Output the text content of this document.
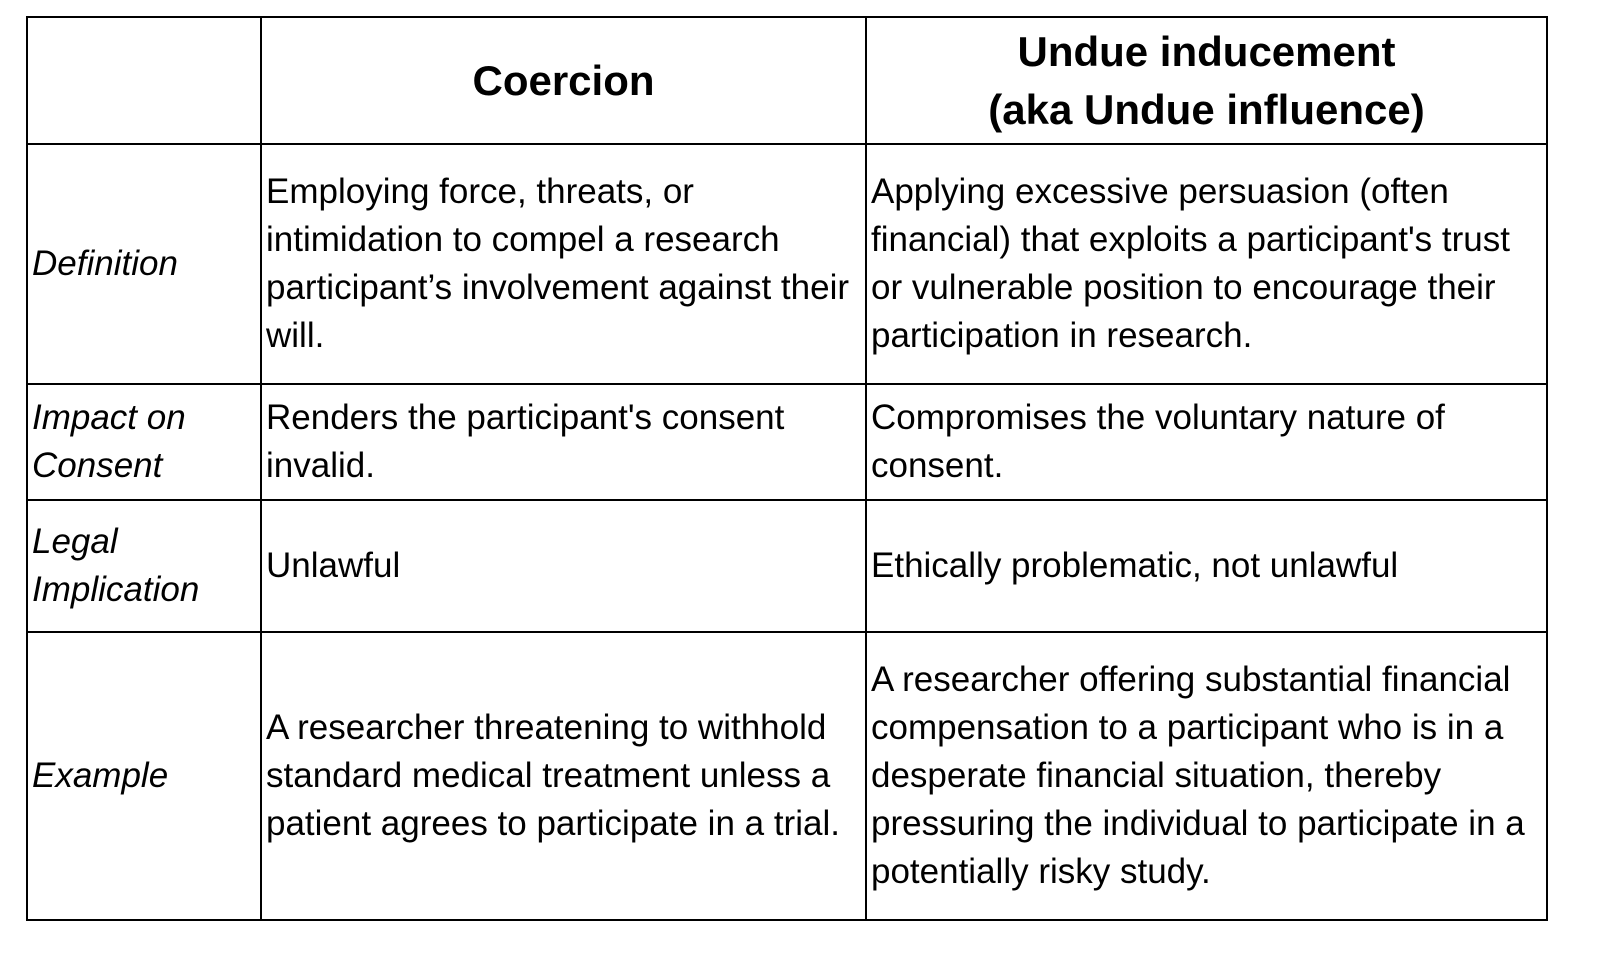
	Coercion	Undue inducement
(aka Undue influence)

Definition	Employing force, threats, or intimidation to compel a research participant’s involvement against their will.	Applying excessive persuasion (often financial) that exploits a participant's trust or vulnerable position to encourage their participation in research.
Impact on Consent	Renders the participant's consent invalid.	Compromises the voluntary nature of consent.
Legal Implication	Unlawful	Ethically problematic, not unlawful
Example	A researcher threatening to withhold standard medical treatment unless a patient agrees to participate in a trial.	A researcher offering substantial financial compensation to a participant who is in a desperate financial situation, thereby pressuring the individual to participate in a potentially risky study.
